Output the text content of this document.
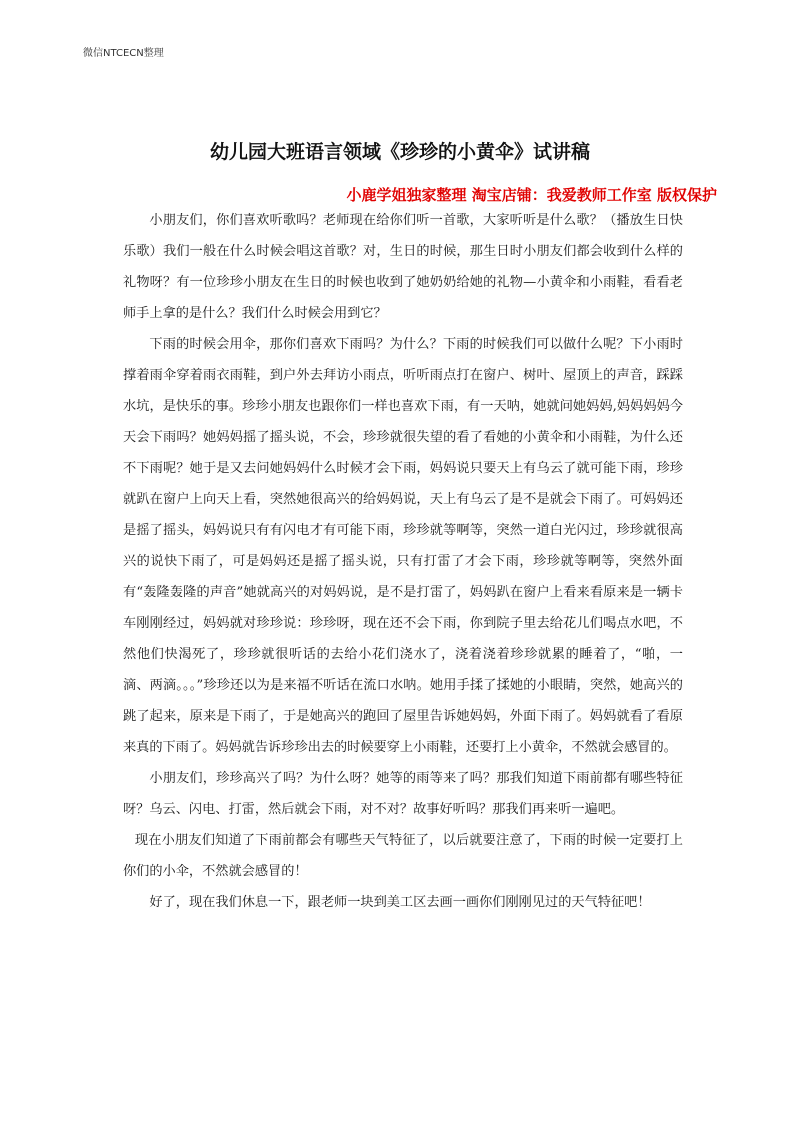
微信NTCECN整理
幼儿园大班语言领域《珍珍的小黄伞》试讲稿
小鹿学姐独家整理 淘宝店铺：我爱教师工作室 版权保护

小朋友们，你们喜欢听歌吗？老师现在给你们听一首歌，大家听听是什么歌？（播放生日快乐歌）我们一般在什么时候会唱这首歌？对，生日的时候，那生日时小朋友们都会收到什么样的礼物呀？有一位珍珍小朋友在生日的时候也收到了她奶奶给她的礼物—小黄伞和小雨鞋，看看老师手上拿的是什么？我们什么时候会用到它？

下雨的时候会用伞，那你们喜欢下雨吗？为什么？下雨的时候我们可以做什么呢？下小雨时撑着雨伞穿着雨衣雨鞋，到户外去拜访小雨点，听听雨点打在窗户、树叶、屋顶上的声音，踩踩水坑，是快乐的事。珍珍小朋友也跟你们一样也喜欢下雨，有一天呐，她就问她妈妈,妈妈妈妈今天会下雨吗？她妈妈摇了摇头说，不会，珍珍就很失望的看了看她的小黄伞和小雨鞋，为什么还不下雨呢？她于是又去问她妈妈什么时候才会下雨，妈妈说只要天上有乌云了就可能下雨，珍珍就趴在窗户上向天上看，突然她很高兴的给妈妈说，天上有乌云了是不是就会下雨了。可妈妈还是摇了摇头，妈妈说只有有闪电才有可能下雨，珍珍就等啊等，突然一道白光闪过，珍珍就很高兴的说快下雨了，可是妈妈还是摇了摇头说，只有打雷了才会下雨，珍珍就等啊等，突然外面有“轰隆轰隆的声音”她就高兴的对妈妈说，是不是打雷了，妈妈趴在窗户上看来看原来是一辆卡车刚刚经过，妈妈就对珍珍说：珍珍呀，现在还不会下雨，你到院子里去给花儿们喝点水吧，不然他们快渴死了，珍珍就很听话的去给小花们浇水了，浇着浇着珍珍就累的睡着了，“啪，一滴、两滴。。。”珍珍还以为是来福不听话在流口水呐。她用手揉了揉她的小眼睛，突然，她高兴的跳了起来，原来是下雨了，于是她高兴的跑回了屋里告诉她妈妈，外面下雨了。妈妈就看了看原来真的下雨了。妈妈就告诉珍珍出去的时候要穿上小雨鞋，还要打上小黄伞，不然就会感冒的。

小朋友们，珍珍高兴了吗？为什么呀？她等的雨等来了吗？那我们知道下雨前都有哪些特征呀？乌云、闪电、打雷，然后就会下雨，对不对？故事好听吗？那我们再来听一遍吧。

现在小朋友们知道了下雨前都会有哪些天气特征了，以后就要注意了，下雨的时候一定要打上你们的小伞，不然就会感冒的！

好了，现在我们休息一下，跟老师一块到美工区去画一画你们刚刚见过的天气特征吧！
